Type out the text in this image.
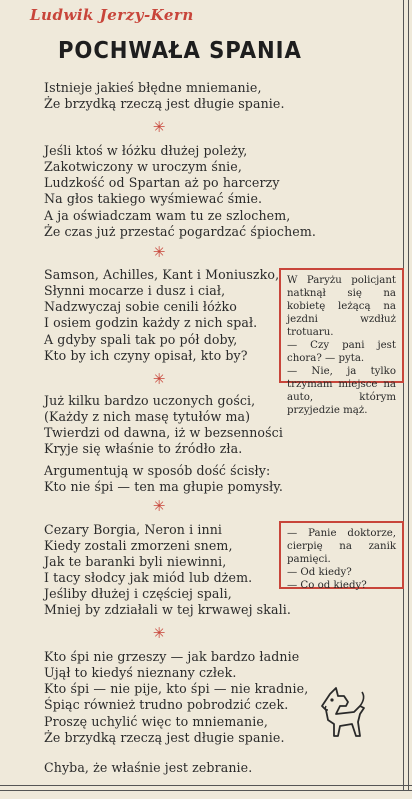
Ludwik Jerzy-Kern
POCHWAŁA SPANIA
Istnieje jakieś błędne mniemanie,
Że brzydką rzeczą jest długie spanie.
✳
Jeśli ktoś w łóżku dłużej poleży,
Zakotwiczony w uroczym śnie,
Ludzkość od Spartan aż po harcerzy
Na głos takiego wyśmiewać śmie.
A ja oświadczam wam tu ze szlochem,
Że czas już przestać pogardzać śpiochem.
✳
Samson, Achilles, Kant i Moniuszko,
Słynni mocarze i dusz i ciał,
Nadzwyczaj sobie cenili łóżko
I osiem godzin każdy z nich spał.
A gdyby spali tak po pół doby,
Kto by ich czyny opisał, kto by?
✳
Już kilku bardzo uczonych gości,
(Każdy z nich masę tytułów ma)
Twierdzi od dawna, iż w bezsenności
Kryje się właśnie to źródło zła.
Argumentują w sposób dość ścisły:
Kto nie śpi — ten ma głupie pomysły.
✳
Cezary Borgia, Neron i inni
Kiedy zostali zmorzeni snem,
Jak te baranki byli niewinni,
I tacy słodcy jak miód lub dżem.
Jeśliby dłużej i częściej spali,
Mniej by zdziałali w tej krwawej skali.
✳
Kto śpi nie grzeszy — jak bardzo ładnie
Ujął to kiedyś nieznany człek.
Kto śpi — nie pije, kto śpi — nie kradnie,
Śpiąc również trudno pobrodzić czek.
Proszę uchylić więc to mniemanie,
Że brzydką rzeczą jest długie spanie.
Chyba, że właśnie jest zebranie.

W Paryżu policjant natknął się na kobietę leżącą na jezdni wzdłuż trotuaru.

— Czy pani jest chora? — pyta.

— Nie, ja tylko trzymam miejsce na auto, którym przyjedzie mąż.

— Panie doktorze, cierpię na zanik pamięci.

— Od kiedy?

— Co od kiedy?
